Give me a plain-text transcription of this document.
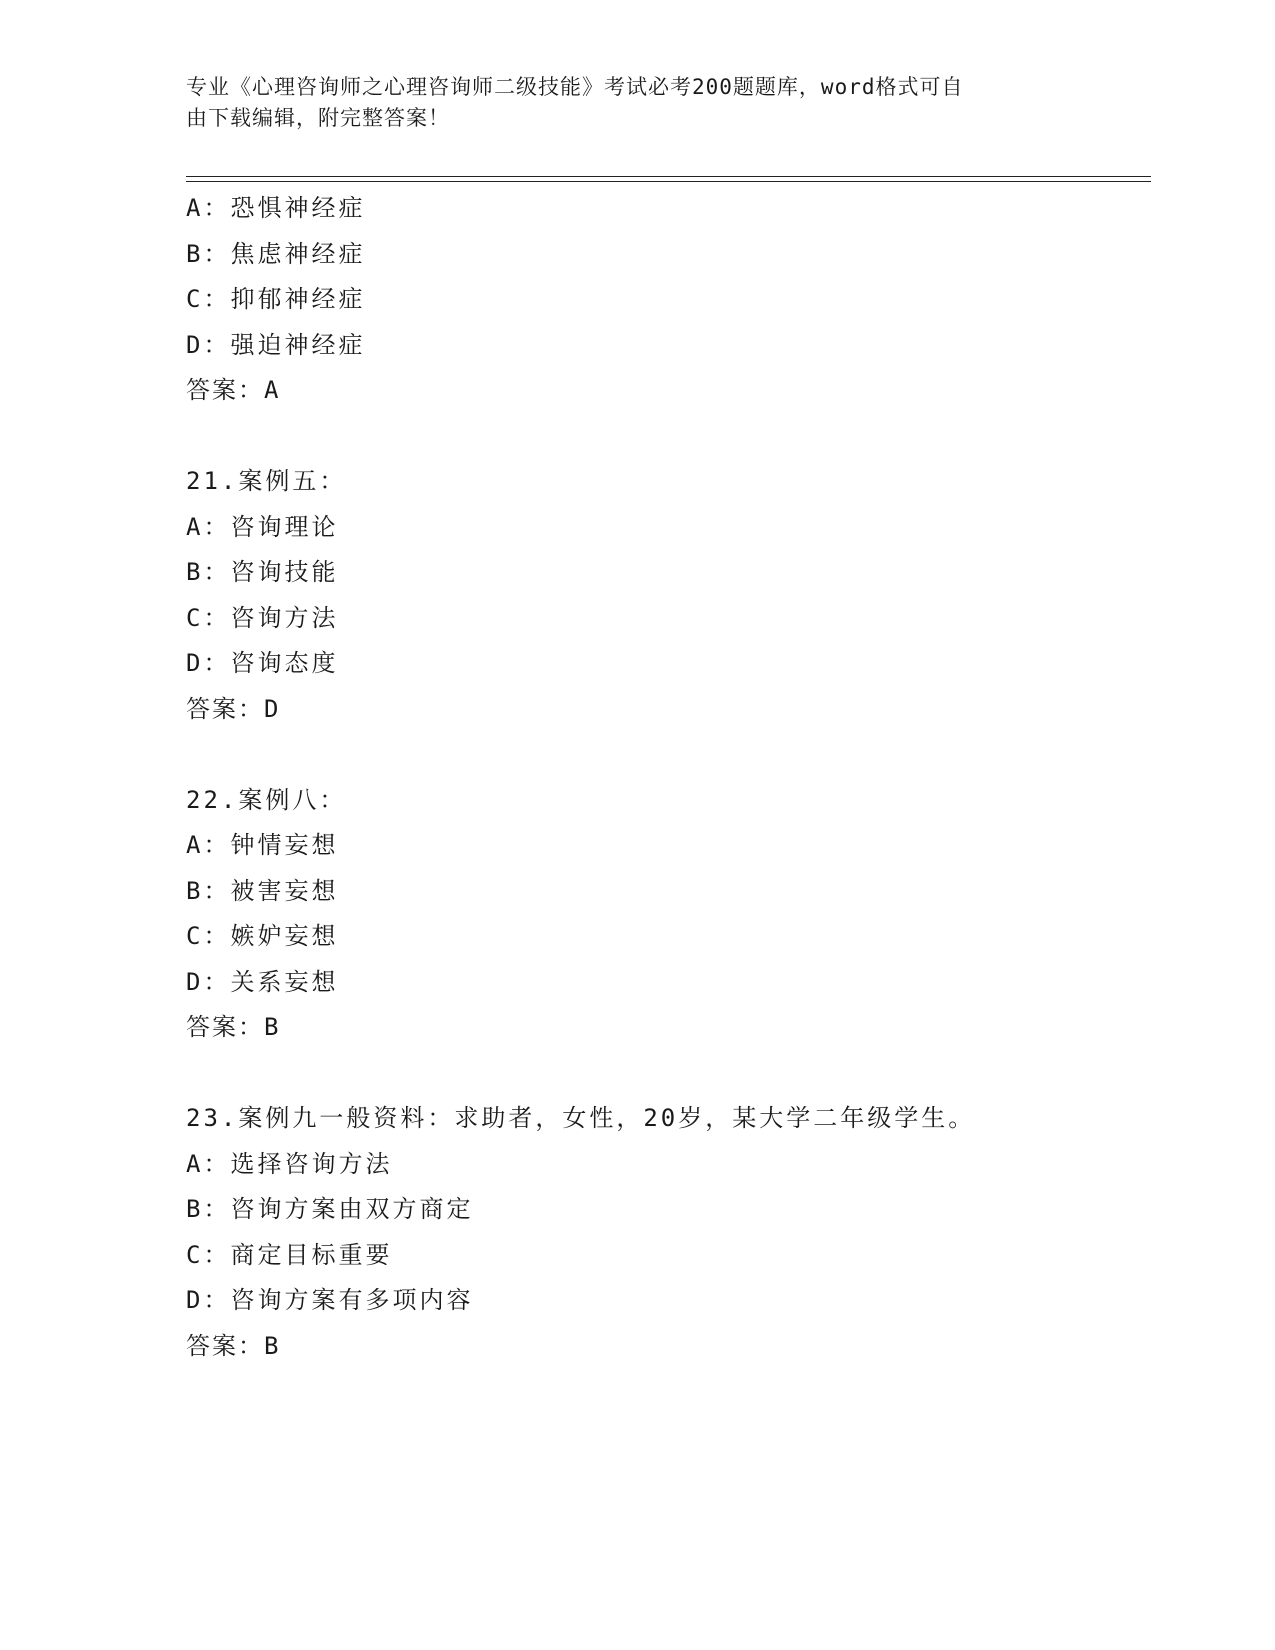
专业《心理咨询师之心理咨询师二级技能》考试必考200题题库，word格式可自
由下载编辑，附完整答案！
A：恐惧神经症
B：焦虑神经症
C：抑郁神经症
D：强迫神经症
答案：A
21.案例五：
A：咨询理论
B：咨询技能
C：咨询方法
D：咨询态度
答案：D
22.案例八：
A：钟情妄想
B：被害妄想
C：嫉妒妄想
D：关系妄想
答案：B
23.案例九一般资料：求助者，女性，20岁，某大学二年级学生。
A：选择咨询方法
B：咨询方案由双方商定
C：商定目标重要
D：咨询方案有多项内容
答案：B
